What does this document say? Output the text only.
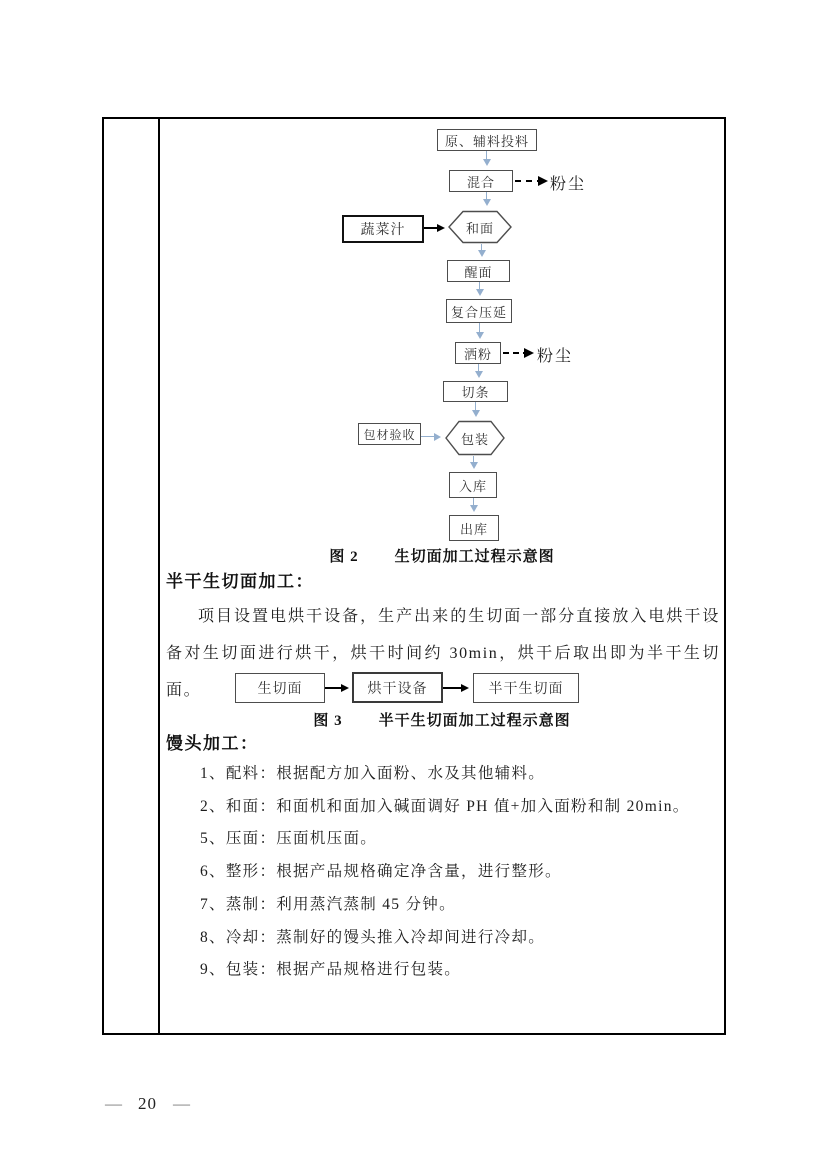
原、辅料投料
混合	粉尘
和面
蔬菜汁
醒面
复合压延
洒粉	粉尘
切条
包装
包材验收
入库
出库
图 2 生切面加工过程示意图
半干生切面加工：
项目设置电烘干设备，生产出来的生切面一部分直接放入电烘干设备对生切面进行烘干，烘干时间约 30min，烘干后取出即为半干生切面。	生切面	烘干设备	半干生切面
图 3 半干生切面加工过程示意图
馒头加工：
1、配料：根据配方加入面粉、水及其他辅料。
2、和面：和面机和面加入碱面调好 PH 值+加入面粉和制 20min。
5、压面：压面机压面。
6、整形：根据产品规格确定净含量，进行整形。
7、蒸制：利用蒸汽蒸制 45 分钟。
8、冷却：蒸制好的馒头推入冷却间进行冷却。
9、包装：根据产品规格进行包装。
— 20 —
